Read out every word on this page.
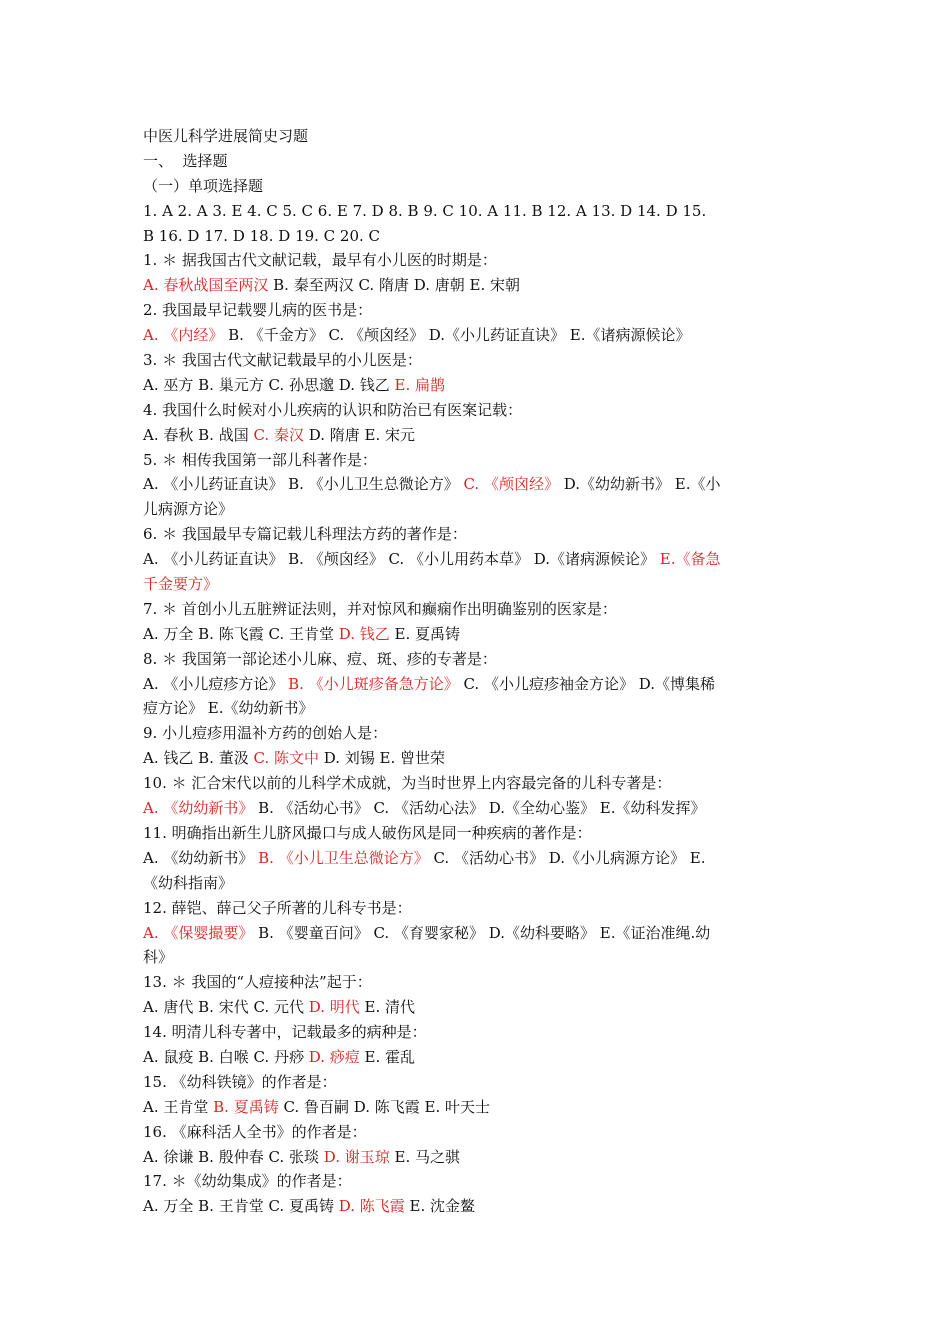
中医儿科学进展简史习题
一、  选择题
（一）单项选择题
1. A 2. A 3. E 4. C 5. C 6. E 7. D 8. B 9. C 10. A 11. B 12. A 13. D 14. D 15.
B 16. D 17. D 18. D 19. C 20. C
1. ＊ 据我国古代文献记载，最早有小儿医的时期是：
A. 春秋战国至两汉 B. 秦至两汉 C. 隋唐 D. 唐朝 E. 宋朝
2. 我国最早记载婴儿病的医书是：
A. 《内经》 B. 《千金方》 C. 《颅囟经》 D.《小儿药证直诀》 E.《诸病源候论》
3. ＊ 我国古代文献记载最早的小儿医是：
A. 巫方 B. 巢元方 C. 孙思邈 D. 钱乙 E. 扁鹊
4. 我国什么时候对小儿疾病的认识和防治已有医案记载：
A. 春秋 B. 战国 C. 秦汉 D. 隋唐 E. 宋元
5. ＊ 相传我国第一部儿科著作是：
A. 《小儿药证直诀》 B. 《小儿卫生总微论方》 C. 《颅囟经》 D.《幼幼新书》 E.《小
儿病源方论》
6. ＊ 我国最早专篇记载儿科理法方药的著作是：
A. 《小儿药证直诀》 B. 《颅囟经》 C. 《小儿用药本草》 D.《诸病源候论》 E.《备急
千金要方》
7. ＊ 首创小儿五脏辨证法则，并对惊风和癫痫作出明确鉴别的医家是：
A. 万全 B. 陈飞霞 C. 王肯堂 D. 钱乙 E. 夏禹铸
8. ＊ 我国第一部论述小儿麻、痘、斑、疹的专著是：
A. 《小儿痘疹方论》 B. 《小儿斑疹备急方论》 C. 《小儿痘疹袖金方论》 D.《博集稀
痘方论》 E.《幼幼新书》
9. 小儿痘疹用温补方药的创始人是：
A. 钱乙 B. 董汲 C. 陈文中 D. 刘锡 E. 曾世荣
10. ＊ 汇合宋代以前的儿科学术成就，为当时世界上内容最完备的儿科专著是：
A. 《幼幼新书》 B. 《活幼心书》 C. 《活幼心法》 D.《全幼心鉴》 E.《幼科发挥》
11. 明确指出新生儿脐风撮口与成人破伤风是同一种疾病的著作是：
A. 《幼幼新书》 B. 《小儿卫生总微论方》 C. 《活幼心书》 D.《小儿病源方论》 E.
《幼科指南》
12. 薛铠、薛己父子所著的儿科专书是：
A. 《保婴撮要》 B. 《婴童百问》 C. 《育婴家秘》 D.《幼科要略》 E.《证治准绳.幼
科》
13. ＊ 我国的“人痘接种法”起于：
A. 唐代 B. 宋代 C. 元代 D. 明代 E. 清代
14. 明清儿科专著中，记载最多的病种是：
A. 鼠疫 B. 白喉 C. 丹痧 D. 痧痘 E. 霍乱
15. 《幼科铁镜》的作者是：
A. 王肯堂 B. 夏禹铸 C. 鲁百嗣 D. 陈飞霞 E. 叶天士
16. 《麻科活人全书》的作者是：
A. 徐谦 B. 殷仲春 C. 张琰 D. 谢玉琼 E. 马之骐
17. ＊《幼幼集成》的作者是：
A. 万全 B. 王肯堂 C. 夏禹铸 D. 陈飞霞 E. 沈金鳌
